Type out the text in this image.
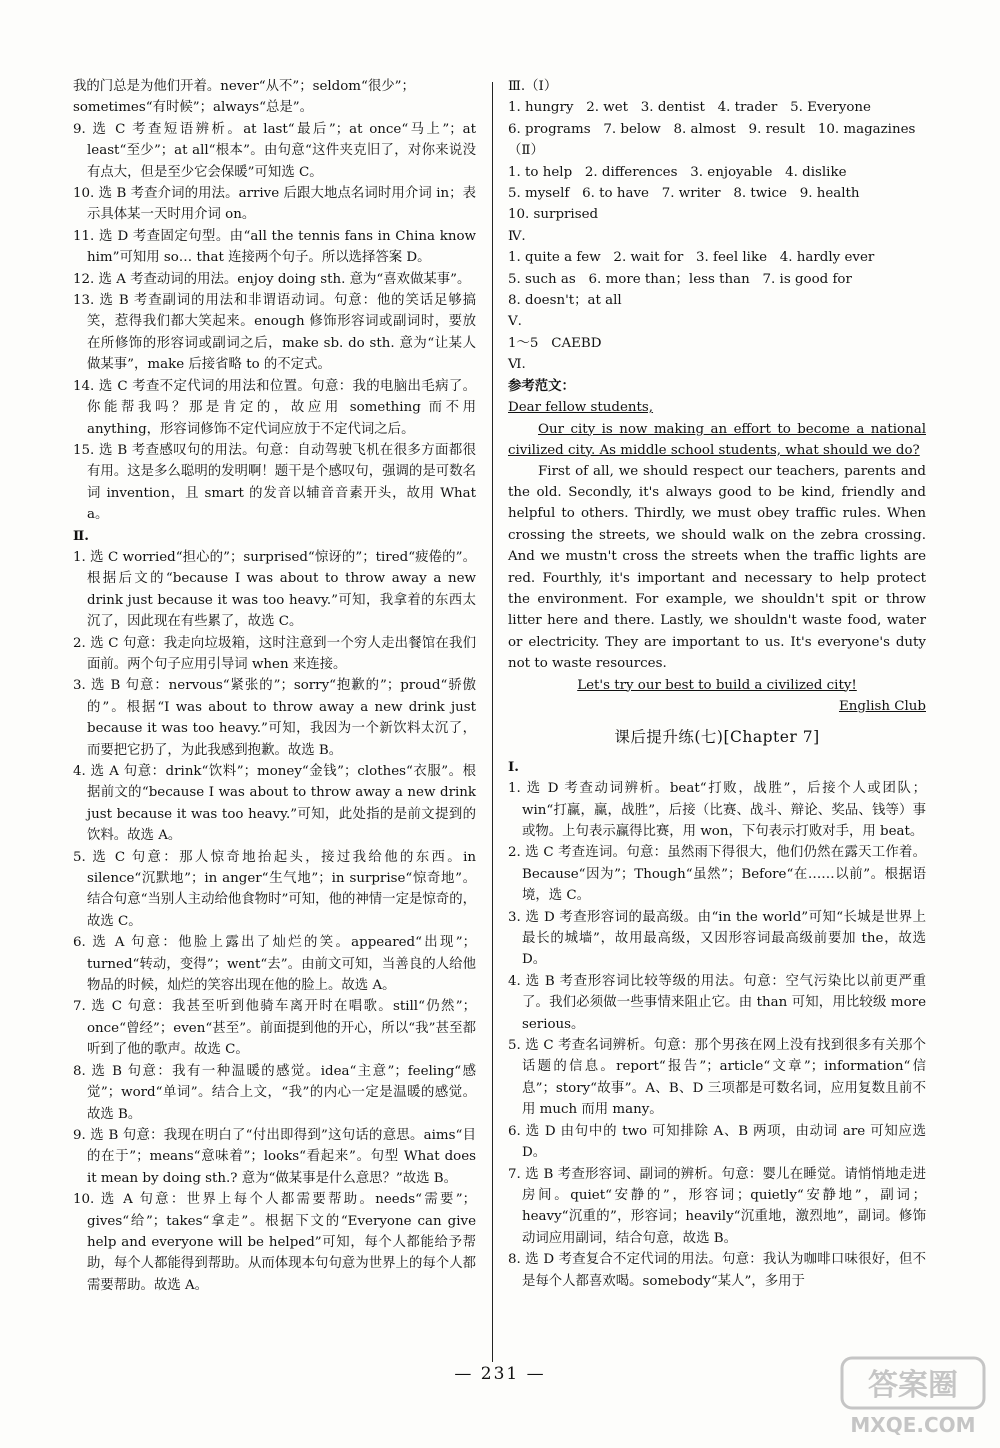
我的门总是为他们开着。never“从不”；seldom“很少”；

sometimes“有时候”；always“总是”。

9. 选 C 考查短语辨析。at last“最后”；at once“马上”；at least“至少”；at all“根本”。由句意“这件夹克旧了，对你来说没有点大，但是至少它会保暖”可知选 C。

10. 选 B 考查介词的用法。arrive 后跟大地点名词时用介词 in；表示具体某一天时用介词 on。

11. 选 D 考查固定句型。由“all the tennis fans in China know him”可知用 so… that 连接两个句子。所以选择答案 D。

12. 选 A 考查动词的用法。enjoy doing sth. 意为“喜欢做某事”。

13. 选 B 考查副词的用法和非谓语动词。句意：他的笑话足够搞笑，惹得我们都大笑起来。enough 修饰形容词或副词时，要放在所修饰的形容词或副词之后，make sb. do sth. 意为“让某人做某事”，make 后接省略 to 的不定式。

14. 选 C 考查不定代词的用法和位置。句意：我的电脑出毛病了。你能帮我吗？那是肯定的，故应用 something 而不用 anything，形容词修饰不定代词应放于不定代词之后。

15. 选 B 考查感叹句的用法。句意：自动驾驶飞机在很多方面都很有用。这是多么聪明的发明啊！题干是个感叹句，强调的是可数名词 invention，且 smart 的发音以辅音音素开头，故用 What a。

Ⅱ.

1. 选 C worried“担心的”；surprised“惊讶的”；tired“疲倦的”。根据后文的“because I was about to throw away a new drink just because it was too heavy.”可知，我拿着的东西太沉了，因此现在有些累了，故选 C。

2. 选 C 句意：我走向垃圾箱，这时注意到一个穷人走出餐馆在我们面前。两个句子应用引导词 when 来连接。

3. 选 B 句意：nervous“紧张的”；sorry“抱歉的”；proud“骄傲的”。根据“I was about to throw away a new drink just because it was too heavy.”可知，我因为一个新饮料太沉了，而要把它扔了，为此我感到抱歉。故选 B。

4. 选 A 句意：drink“饮料”；money“金钱”；clothes“衣服”。根据前文的“because I was about to throw away a new drink just because it was too heavy.”可知，此处指的是前文提到的饮料。故选 A。

5. 选 C 句意：那人惊奇地抬起头，接过我给他的东西。in silence“沉默地”；in anger“生气地”；in surprise“惊奇地”。结合句意“当别人主动给他食物时”可知，他的神情一定是惊奇的，故选 C。

6. 选 A 句意：他脸上露出了灿烂的笑。appeared“出现”；turned“转动，变得”；went“去”。由前文可知，当善良的人给他物品的时候，灿烂的笑容出现在他的脸上。故选 A。

7. 选 C 句意：我甚至听到他骑车离开时在唱歌。still“仍然”；once“曾经”；even“甚至”。前面提到他的开心，所以“我”甚至都听到了他的歌声。故选 C。

8. 选 B 句意：我有一种温暖的感觉。idea“主意”；feeling“感觉”；word“单词”。结合上文，“我”的内心一定是温暖的感觉。故选 B。

9. 选 B 句意：我现在明白了“付出即得到”这句话的意思。aims“目的在于”；means“意味着”；looks“看起来”。句型 What does it mean by doing sth.? 意为“做某事是什么意思？”故选 B。

10. 选 A 句意：世界上每个人都需要帮助。needs“需要”；gives“给”；takes“拿走”。根据下文的“Everyone can give help and everyone will be helped”可知，每个人都能给予帮助，每个人都能得到帮助。从而体现本句句意为世界上的每个人都需要帮助。故选 A。

Ⅲ.（Ⅰ）

1. hungry   2. wet   3. dentist   4. trader   5. Everyone

6. programs   7. below   8. almost   9. result   10. magazines

（Ⅱ）

1. to help   2. differences   3. enjoyable   4. dislike

5. myself   6. to have   7. writer   8. twice   9. health

10. surprised

Ⅳ.

1. quite a few   2. wait for   3. feel like   4. hardly ever

5. such as   6. more than；less than   7. is good for

8. doesn't；at all

Ⅴ.

1～5   CAEBD

Ⅵ.

参考范文：

Dear fellow students,

Our city is now making an effort to become a national civilized city. As middle school students, what should we do?

First of all, we should respect our teachers, parents and the old. Secondly, it's always good to be kind, friendly and helpful to others. Thirdly, we must obey traffic rules. When crossing the streets, we should walk on the zebra crossing. And we mustn't cross the streets when the traffic lights are red. Fourthly, it's important and necessary to help protect the environment. For example, we shouldn't spit or throw litter here and there. Lastly, we shouldn't waste food, water or electricity. They are important to us. It's everyone's duty not to waste resources.

Let's try our best to build a civilized city!

English Club

课后提升练(七)[Chapter 7]

Ⅰ.

1. 选 D 考查动词辨析。beat“打败，战胜”，后接个人或团队；win“打赢，赢，战胜”，后接（比赛、战斗、辩论、奖品、钱等）事或物。上句表示赢得比赛，用 won，下句表示打败对手，用 beat。

2. 选 C 考查连词。句意：虽然雨下得很大，他们仍然在露天工作着。Because“因为”；Though“虽然”；Before“在……以前”。根据语境，选 C。

3. 选 D 考查形容词的最高级。由“in the world”可知“长城是世界上最长的城墙”，故用最高级，又因形容词最高级前要加 the，故选 D。

4. 选 B 考查形容词比较等级的用法。句意：空气污染比以前更严重了。我们必须做一些事情来阻止它。由 than 可知，用比较级 more serious。

5. 选 C 考查名词辨析。句意：那个男孩在网上没有找到很多有关那个话题的信息。report“报告”；article“文章”；information“信息”；story“故事”。A、B、D 三项都是可数名词，应用复数且前不用 much 而用 many。

6. 选 D 由句中的 two 可知排除 A、B 两项，由动词 are 可知应选 D。

7. 选 B 考查形容词、副词的辨析。句意：婴儿在睡觉。请悄悄地走进房间。quiet“安静的”，形容词；quietly“安静地”，副词；heavy“沉重的”，形容词；heavily“沉重地，激烈地”，副词。修饰动词应用副词，结合句意，故选 B。

8. 选 D 考查复合不定代词的用法。句意：我认为咖啡口味很好，但不是每个人都喜欢喝。somebody“某人”，多用于

— 231 —	答案圈
MXQE.COM
